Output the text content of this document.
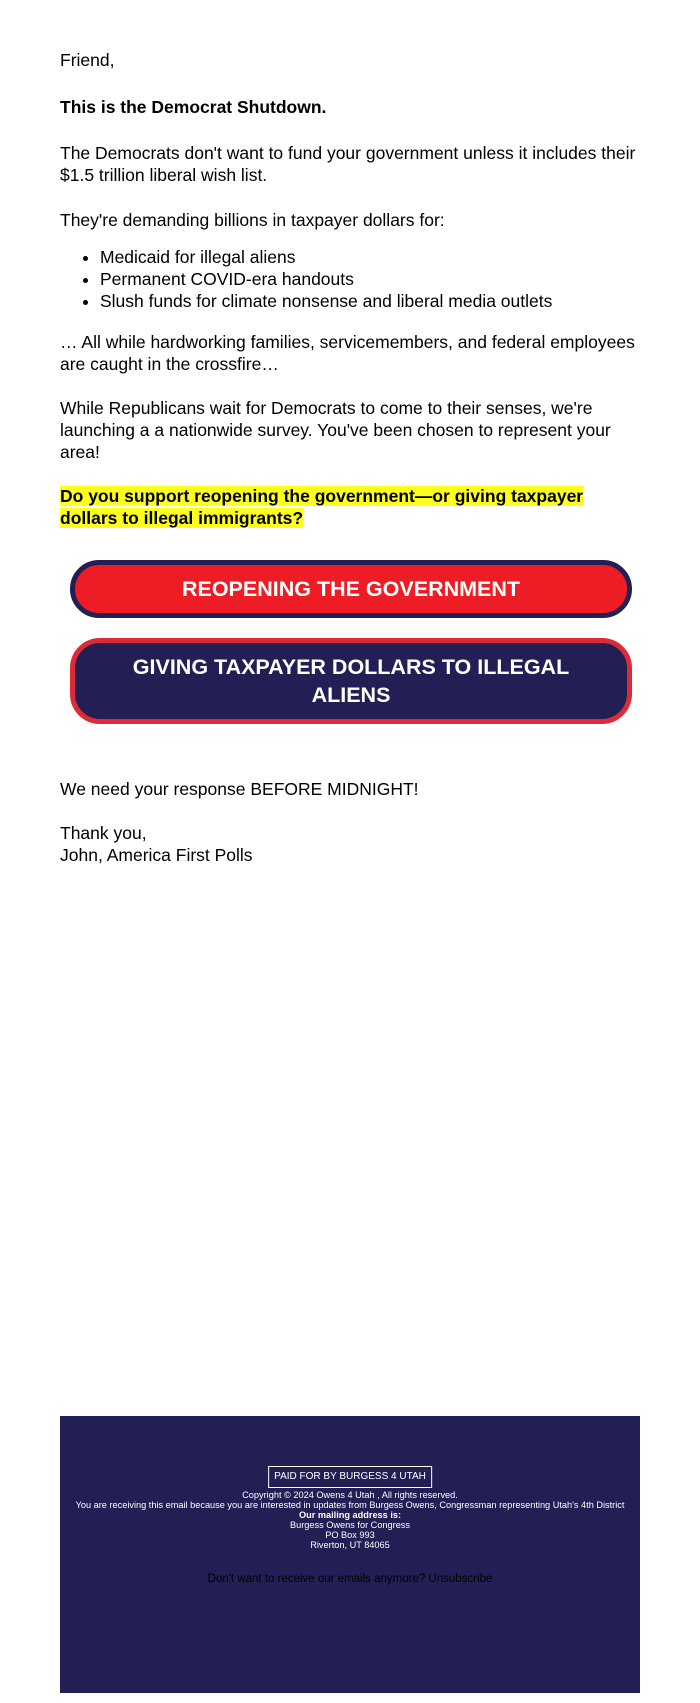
Friend,

This is the Democrat Shutdown.

The Democrats don't want to fund your government unless it includes their $1.5 trillion liberal wish list.

They're demanding billions in taxpayer dollars for:

• Medicaid for illegal aliens
• Permanent COVID-era handouts
• Slush funds for climate nonsense and liberal media outlets

… All while hardworking families, servicemembers, and federal employees are caught in the crossfire…

While Republicans wait for Democrats to come to their senses, we're launching a a nationwide survey. You've been chosen to represent your area!

Do you support reopening the government—or giving taxpayer dollars to illegal immigrants?

REOPENING THE GOVERNMENT
GIVING TAXPAYER DOLLARS TO ILLEGAL ALIENS

We need your response BEFORE MIDNIGHT!

Thank you,

John, America First Polls

PAID FOR BY BURGESS 4 UTAH
Copyright © 2024 Owens 4 Utah , All rights reserved.
You are receiving this email because you are interested in updates from Burgess Owens, Congressman representing Utah's 4th District
Our mailing address is:
Burgess Owens for Congress
PO Box 993
Riverton, UT 84065
Don't want to receive our emails anymore? Unsubscribe
